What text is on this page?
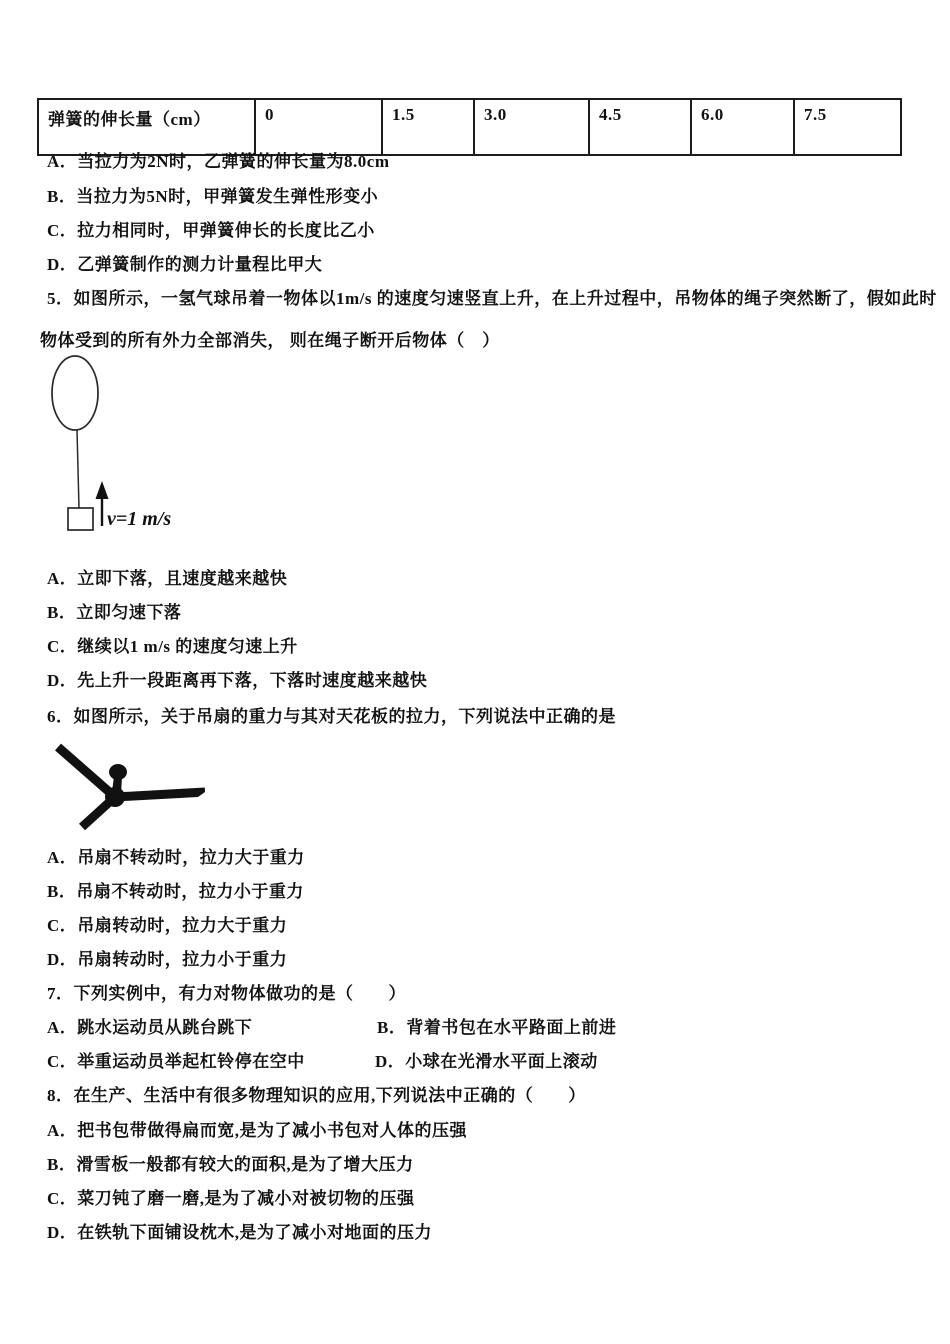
弹簧的伸长量（cm）	0	1.5	3.0	4.5	6.0	7.5
A．当拉力为2N时，乙弹簧的伸长量为8.0cm
B．当拉力为5N时，甲弹簧发生弹性形变小
C．拉力相同时，甲弹簧伸长的长度比乙小
D．乙弹簧制作的测力计量程比甲大
5．如图所示，一氢气球吊着一物体以1m/s 的速度匀速竖直上升，在上升过程中，吊物体的绳子突然断了，假如此时
物体受到的所有外力全部消失， 则在绳子断开后物体（　）
v=1 m/s
A．立即下落，且速度越来越快
B．立即匀速下落
C．继续以1 m/s 的速度匀速上升
D．先上升一段距离再下落，下落时速度越来越快
6．如图所示，关于吊扇的重力与其对天花板的拉力，下列说法中正确的是
A．吊扇不转动时，拉力大于重力
B．吊扇不转动时，拉力小于重力
C．吊扇转动时，拉力大于重力
D．吊扇转动时，拉力小于重力
7．下列实例中，有力对物体做功的是（　　）
A．跳水运动员从跳台跳下	B．背着书包在水平路面上前进
C．举重运动员举起杠铃停在空中	D．小球在光滑水平面上滚动
8．在生产、生活中有很多物理知识的应用,下列说法中正确的（　　）
A．把书包带做得扁而宽,是为了减小书包对人体的压强
B．滑雪板一般都有较大的面积,是为了增大压力
C．菜刀钝了磨一磨,是为了减小对被切物的压强
D．在铁轨下面铺设枕木,是为了减小对地面的压力
